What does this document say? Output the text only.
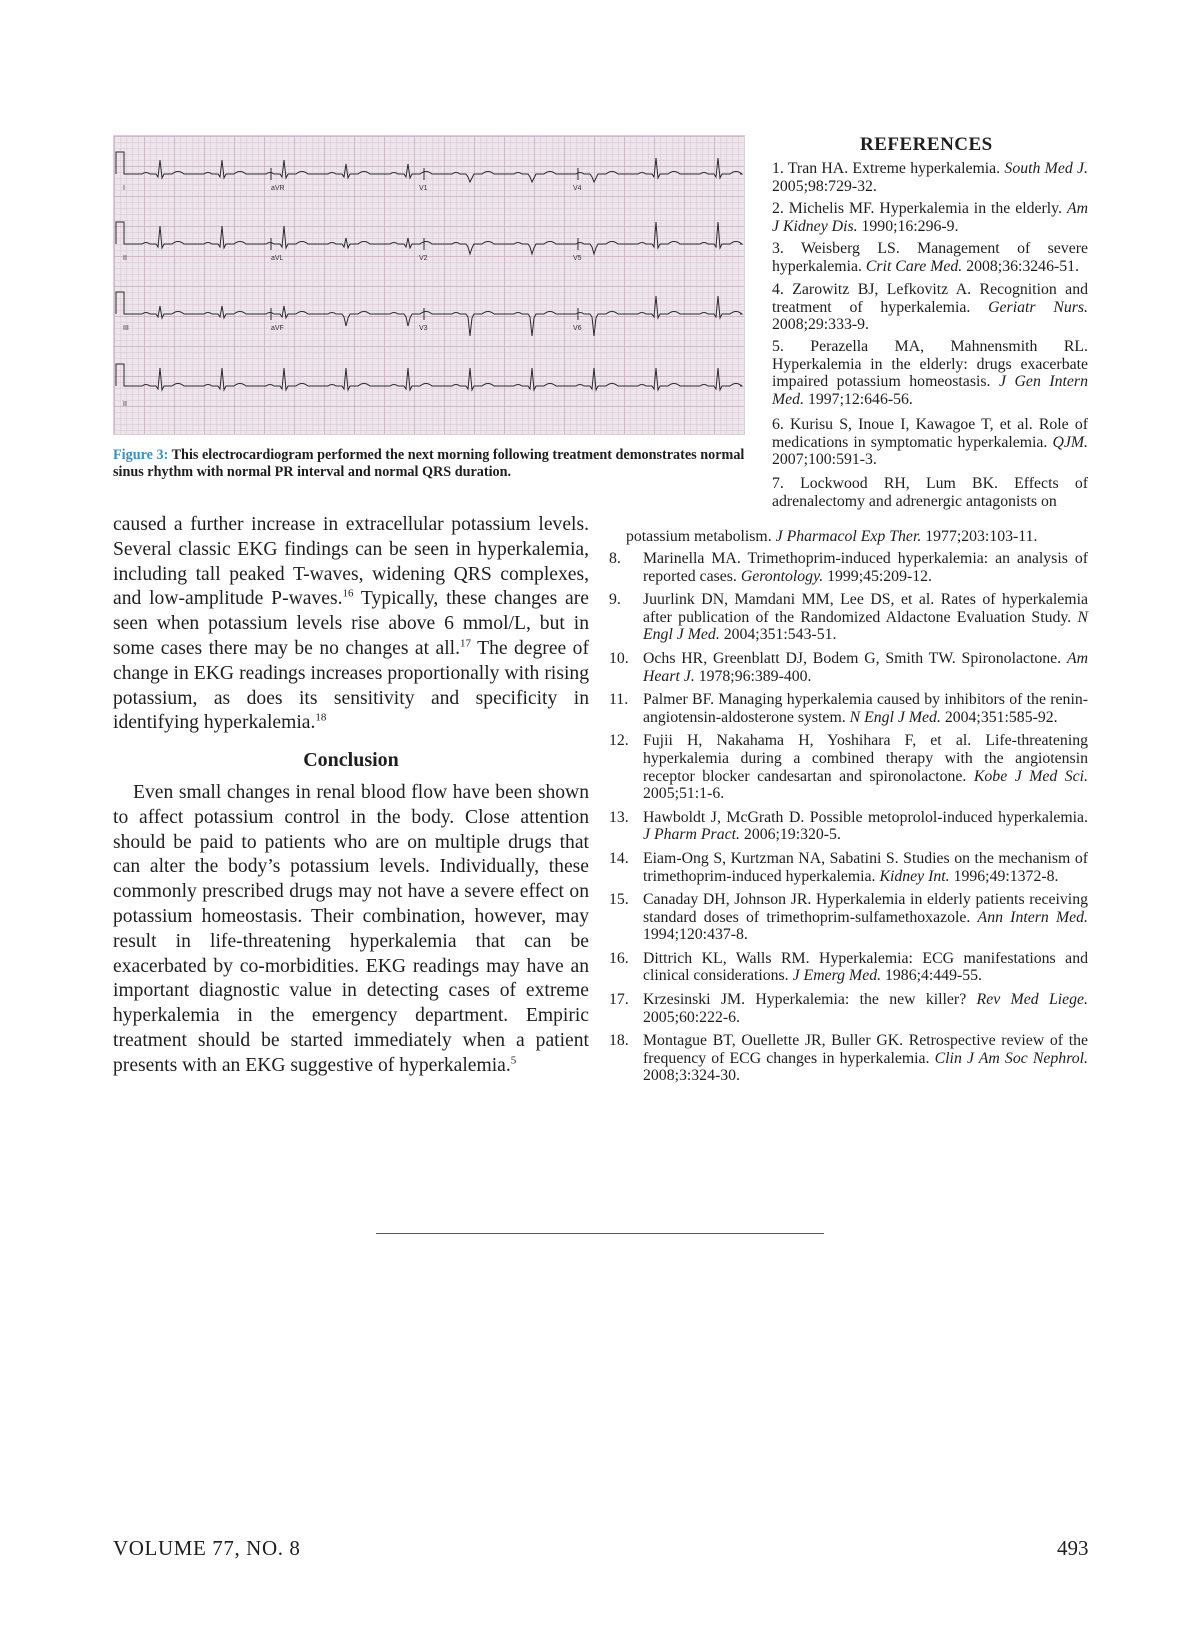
I	aVR	V1	V4
II	aVL	V2	V5
III	aVF	V3	V6
II
Figure 3: This electrocardiogram performed the next morning following treatment demonstrates normal sinus rhythm with normal PR interval and normal QRS duration.

caused a further increase in extracellular potassium levels. Several classic EKG findings can be seen in hyperkalemia, including tall peaked T-waves, widening QRS complexes, and low-amplitude P-waves.$^{16}$ Typically, these changes are seen when potassium levels rise above 6 mmol/L, but in some cases there may be no changes at all.$^{17}$ The degree of change in EKG readings increases proportionally with rising potassium, as does its sensitivity and specificity in identifying hyperkalemia.$^{18}$

Conclusion

Even small changes in renal blood flow have been shown to affect potassium control in the body. Close attention should be paid to patients who are on multiple drugs that can alter the body’s potassium levels. Individually, these commonly prescribed drugs may not have a severe effect on potassium homeostasis. Their combination, however, may result in life-threatening hyperkalemia that can be exacerbated by co-morbidities. EKG readings may have an important diagnostic value in detecting cases of extreme hyperkalemia in the emergency department. Empiric treatment should be started immediately when a patient presents with an EKG suggestive of hyperkalemia.$^5$

REFERENCES
1. Tran HA. Extreme hyperkalemia. South Med J. 2005;98:729-32.
2. Michelis MF. Hyperkalemia in the elderly. Am J Kidney Dis. 1990;16:296-9.
3. Weisberg LS. Management of severe hyperkalemia. Crit Care Med. 2008;36:3246-51.
4. Zarowitz BJ, Lefkovitz A. Recognition and treatment of hyperkalemia. Geriatr Nurs. 2008;29:333-9.
5. Perazella MA, Mahnensmith RL. Hyperkalemia in the elderly: drugs exacerbate impaired potassium homeostasis. J Gen Intern Med. 1997;12:646-56.
6. Kurisu S, Inoue I, Kawagoe T, et al. Role of medications in symptomatic hyperkalemia. QJM. 2007;100:591-3.
7. Lockwood RH, Lum BK. Effects of adrenalectomy and adrenergic antagonists on
potassium metabolism. J Pharmacol Exp Ther. 1977;203:103-11.
8. Marinella MA. Trimethoprim-induced hyperkalemia: an analysis of reported cases. Gerontology. 1999;45:209-12.
9. Juurlink DN, Mamdani MM, Lee DS, et al. Rates of hyperkalemia after publication of the Randomized Aldactone Evaluation Study. N Engl J Med. 2004;351:543-51.
10. Ochs HR, Greenblatt DJ, Bodem G, Smith TW. Spironolactone. Am Heart J. 1978;96:389-400.
11. Palmer BF. Managing hyperkalemia caused by inhibitors of the renin-angiotensin-aldosterone system. N Engl J Med. 2004;351:585-92.
12. Fujii H, Nakahama H, Yoshihara F, et al. Life-threatening hyperkalemia during a combined therapy with the angiotensin receptor blocker candesartan and spironolactone. Kobe J Med Sci. 2005;51:1-6.
13. Hawboldt J, McGrath D. Possible metoprolol-induced hyperkalemia. J Pharm Pract. 2006;19:320-5.
14. Eiam-Ong S, Kurtzman NA, Sabatini S. Studies on the mechanism of trimethoprim-induced hyperkalemia. Kidney Int. 1996;49:1372-8.
15. Canaday DH, Johnson JR. Hyperkalemia in elderly patients receiving standard doses of trimethoprim-sulfamethoxazole. Ann Intern Med. 1994;120:437-8.
16. Dittrich KL, Walls RM. Hyperkalemia: ECG manifestations and clinical considerations. J Emerg Med. 1986;4:449-55.
17. Krzesinski JM. Hyperkalemia: the new killer? Rev Med Liege. 2005;60:222-6.
18. Montague BT, Ouellette JR, Buller GK. Retrospective review of the frequency of ECG changes in hyperkalemia. Clin J Am Soc Nephrol. 2008;3:324-30.
VOLUME 77, NO. 8	493
